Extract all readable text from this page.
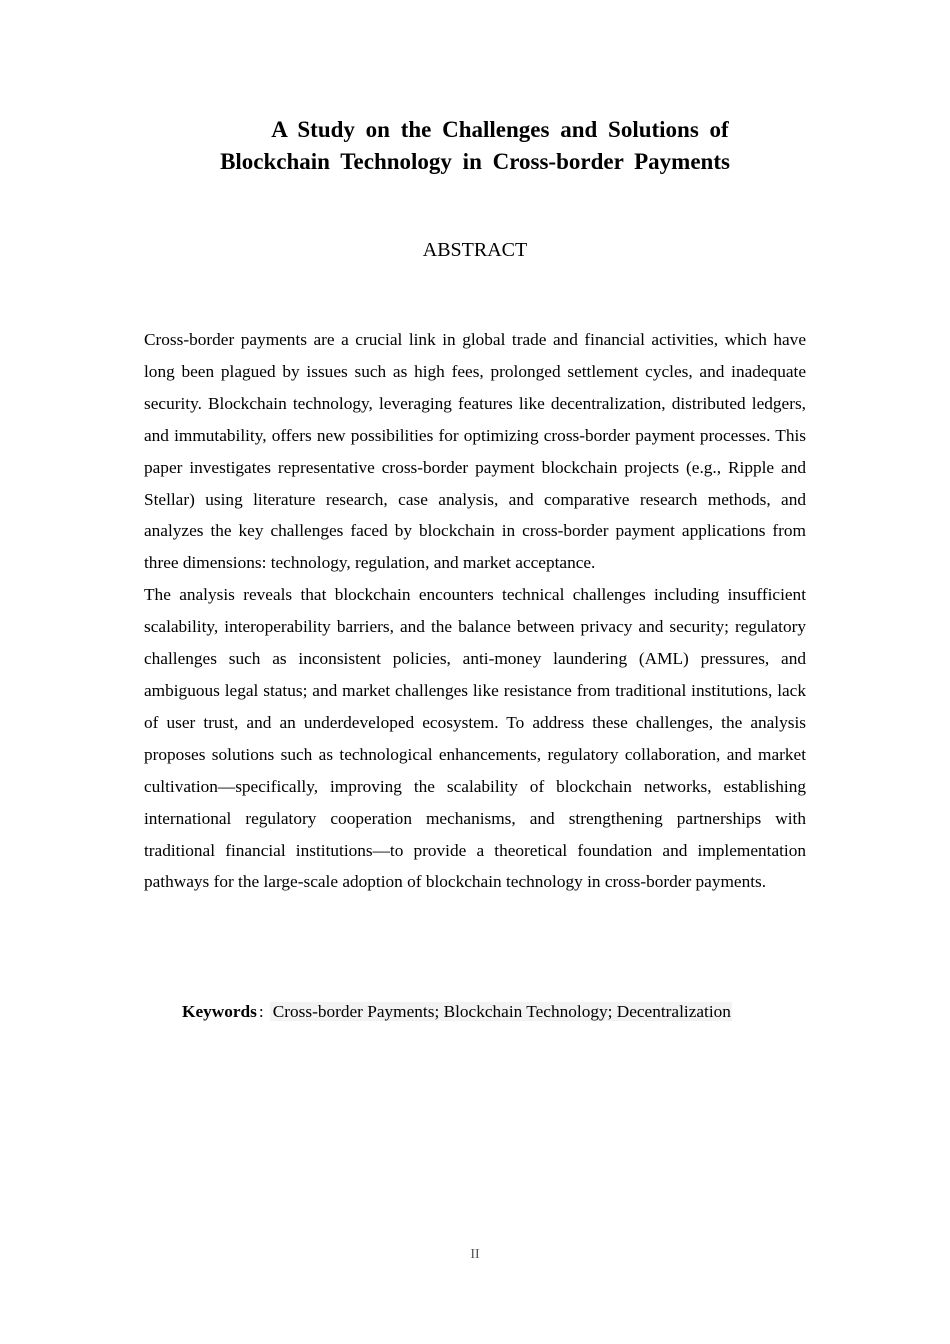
A Study on the Challenges and Solutions of
Blockchain Technology in Cross-border Payments
ABSTRACT

Cross-border payments are a crucial link in global trade and financial activities, which have long been plagued by issues such as high fees, prolonged settlement cycles, and inadequate security. Blockchain technology, leveraging features like decentralization, distributed ledgers, and immutability, offers new possibilities for optimizing cross-border payment processes. This paper investigates representative cross-border payment blockchain projects (e.g., Ripple and Stellar) using literature research, case analysis, and comparative research methods, and analyzes the key challenges faced by blockchain in cross-border payment applications from three dimensions: technology, regulation, and market acceptance.

The analysis reveals that blockchain encounters technical challenges including insufficient scalability, interoperability barriers, and the balance between privacy and security; regulatory challenges such as inconsistent policies, anti-money laundering (AML) pressures, and ambiguous legal status; and market challenges like resistance from traditional institutions, lack of user trust, and an underdeveloped ecosystem. To address these challenges, the analysis proposes solutions such as technological enhancements, regulatory collaboration, and market cultivation—specifically, improving the scalability of blockchain networks, establishing international regulatory cooperation mechanisms, and strengthening partnerships with traditional financial institutions—to provide a theoretical foundation and implementation pathways for the large-scale adoption of blockchain technology in cross-border payments.

Keywords : Cross-border Payments; Blockchain Technology; Decentralization
II
